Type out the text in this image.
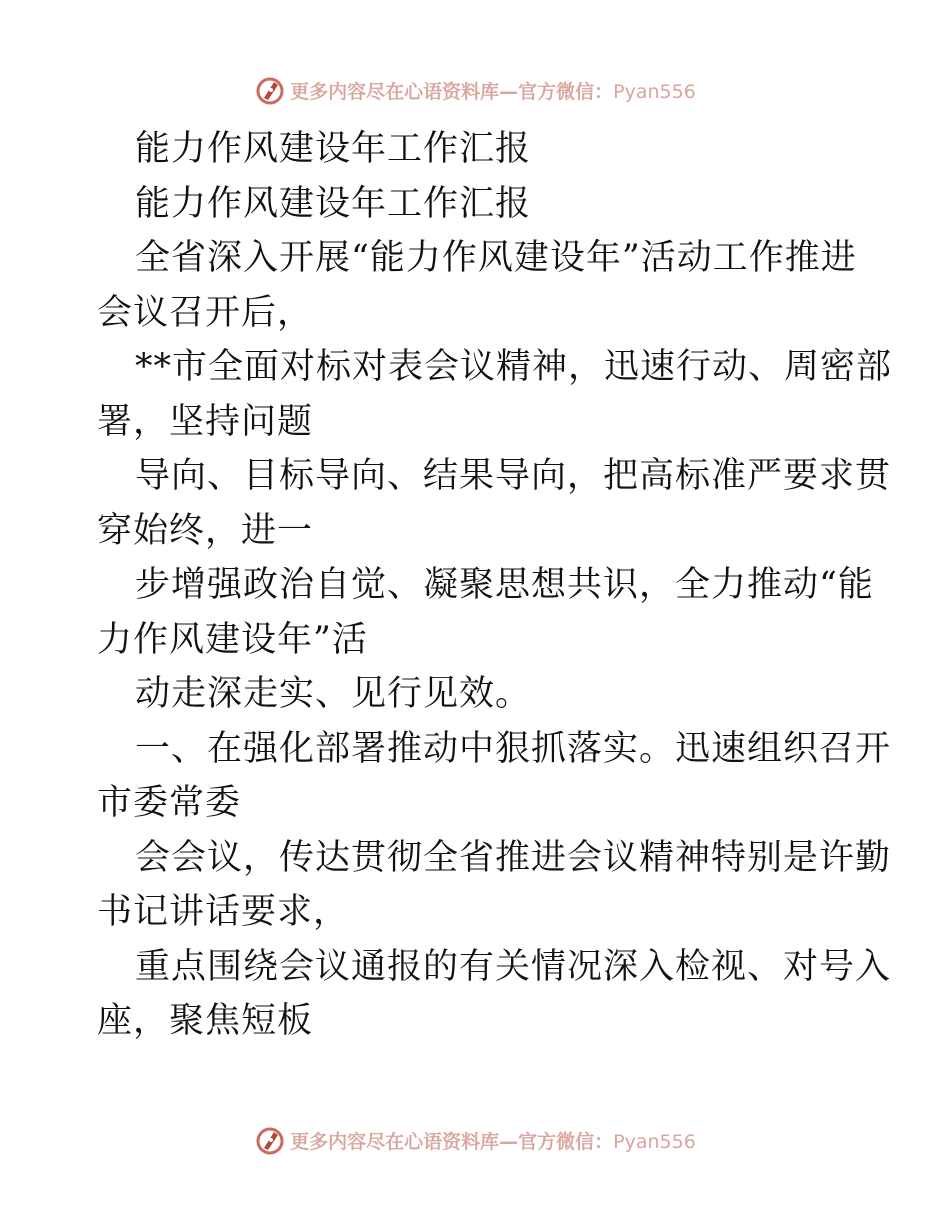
更多内容尽在心语资料库—官方微信：Pyan556
能力作风建设年工作汇报
能力作风建设年工作汇报
全省深入开展“能力作风建设年”活动工作推进
会议召开后，
**市全面对标对表会议精神，迅速行动、周密部
署，坚持问题
导向、目标导向、结果导向，把高标准严要求贯
穿始终，进一
步增强政治自觉、凝聚思想共识，全力推动“能
力作风建设年”活
动走深走实、见行见效。
一、在强化部署推动中狠抓落实。迅速组织召开
市委常委
会会议，传达贯彻全省推进会议精神特别是许勤
书记讲话要求，
重点围绕会议通报的有关情况深入检视、对号入
座，聚焦短板
更多内容尽在心语资料库—官方微信：Pyan556
